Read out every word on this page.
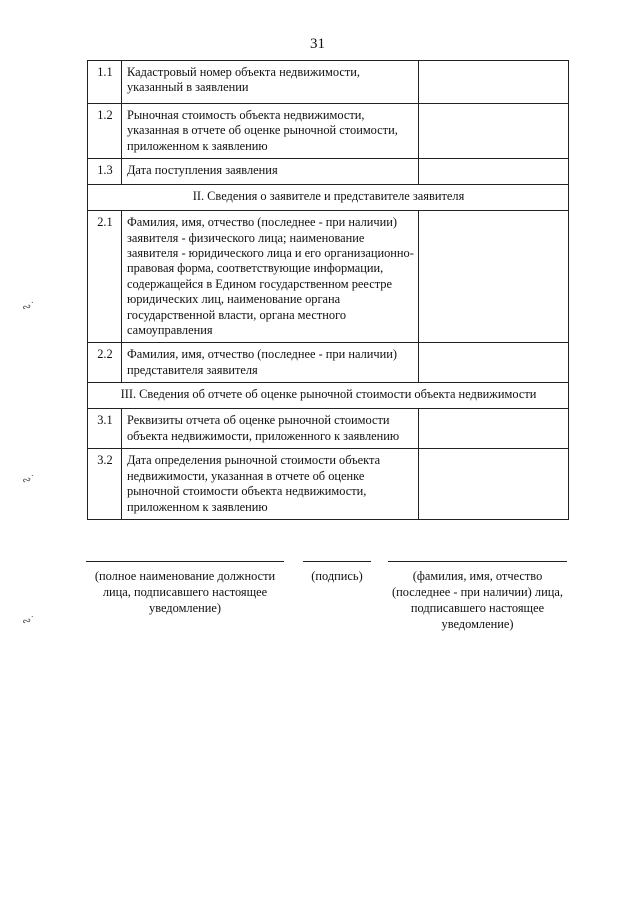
31
1.1	Кадастровый номер объекта недвижимости, указанный в заявлении	
1.2	Рыночная стоимость объекта недвижимости, указанная в отчете об оценке рыночной стоимости, приложенном к заявлению	
1.3	Дата поступления заявления	
II. Сведения о заявителе и представителе заявителя		
2.1	Фамилия, имя, отчество (последнее - при наличии) заявителя - физического лица; наименование заявителя - юридического лица и его организационно-правовая форма, соответствующие информации, содержащейся в Едином государственном реестре юридических лиц, наименование органа государственной власти, органа местного самоуправления	
2.2	Фамилия, имя, отчество (последнее - при наличии) представителя заявителя	
III. Сведения об отчете об оценке рыночной стоимости объекта недвижимости		
3.1	Реквизиты отчета об оценке рыночной стоимости объекта недвижимости, приложенного к заявлению	
3.2	Дата определения рыночной стоимости объекта недвижимости, указанная в отчете об оценке рыночной стоимости объекта недвижимости, приложенном к заявлению	
(полное наименование должности лица, подписавшего настоящее уведомление)
(подпись)	(фамилия, имя, отчество (последнее - при наличии) лица, подписавшего настоящее уведомление)
∾˙
∾˙
∾˙
